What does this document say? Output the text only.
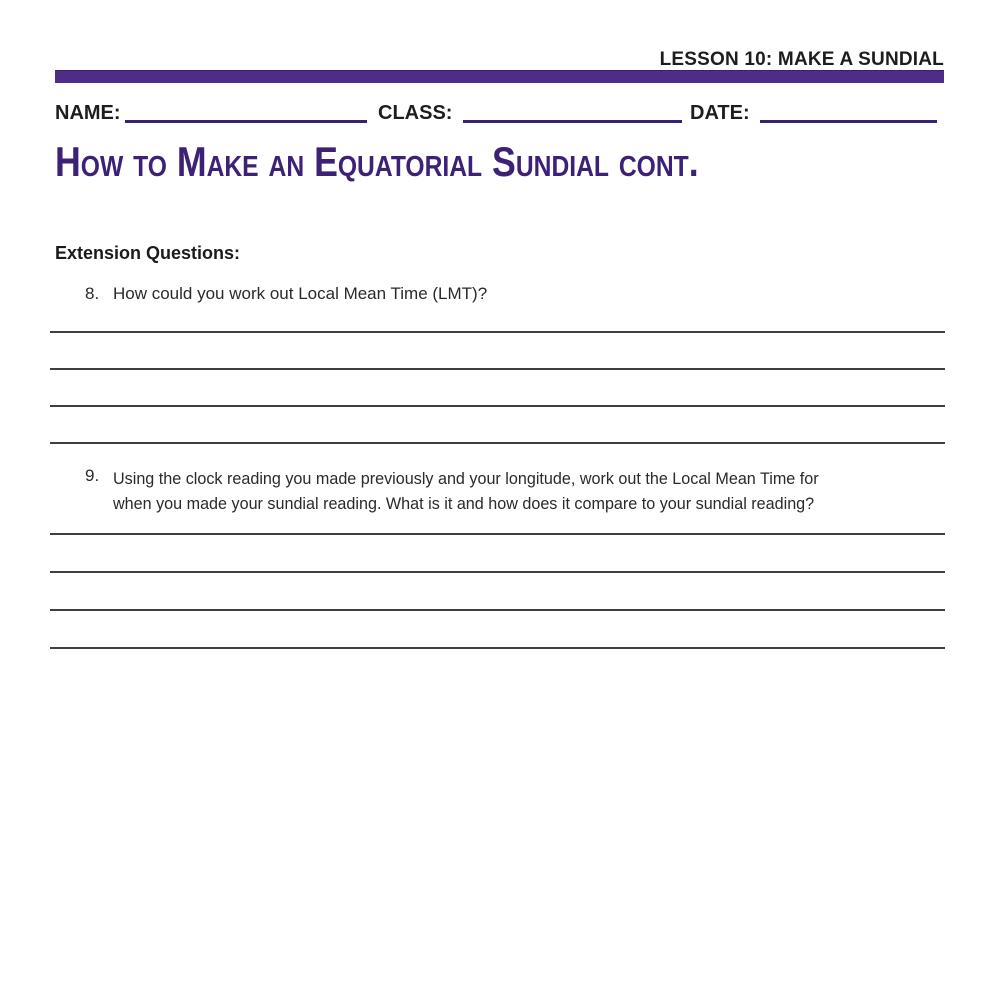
LESSON 10: MAKE A SUNDIAL
NAME:	CLASS:	DATE:
How to Make an Equatorial Sundial cont.
Extension Questions:
8. How could you work out Local Mean Time (LMT)?
9. Using the clock reading you made previously and your longitude, work out the Local Mean Time for
when you made your sundial reading. What is it and how does it compare to your sundial reading?
